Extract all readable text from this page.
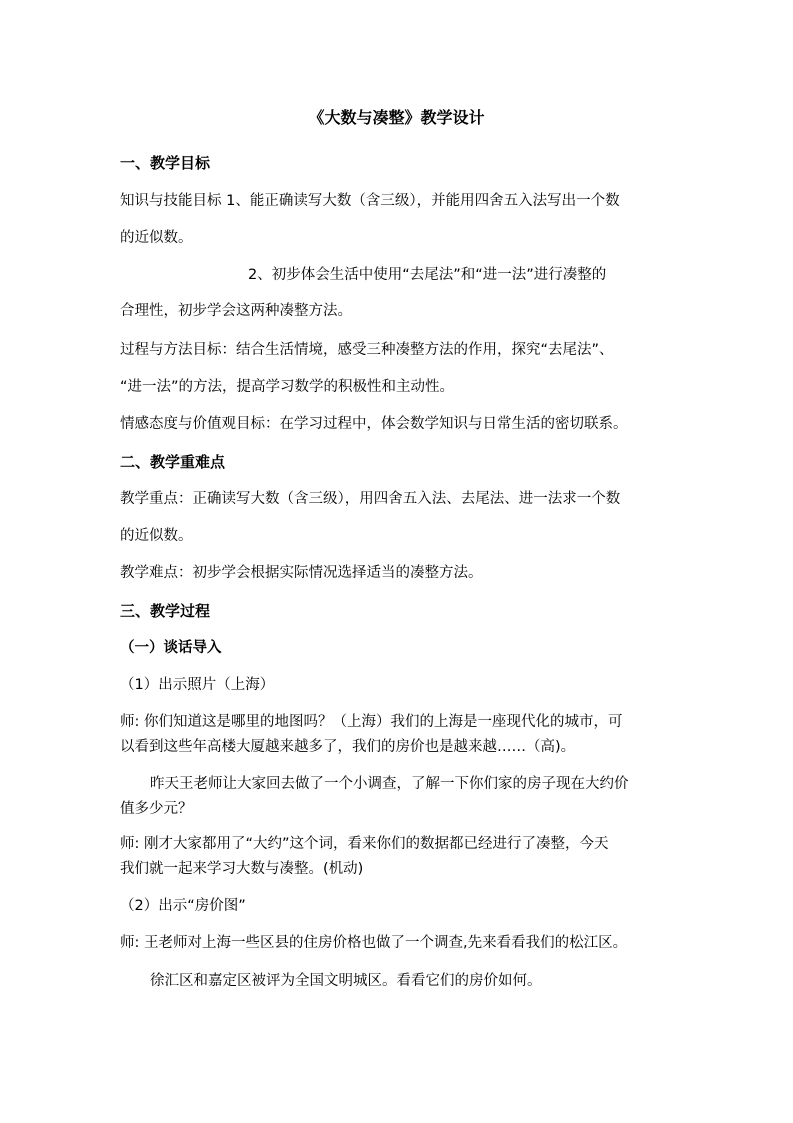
《大数与凑整》教学设计
一、教学目标
知识与技能目标 1、能正确读写大数（含三级），并能用四舍五入法写出一个数
的近似数。
2、初步体会生活中使用“去尾法”和“进一法”进行凑整的
合理性，初步学会这两种凑整方法。
过程与方法目标：结合生活情境，感受三种凑整方法的作用，探究“去尾法”、
“进一法”的方法，提高学习数学的积极性和主动性。
情感态度与价值观目标：在学习过程中，体会数学知识与日常生活的密切联系。
二、教学重难点
教学重点：正确读写大数（含三级），用四舍五入法、去尾法、进一法求一个数
的近似数。
教学难点：初步学会根据实际情况选择适当的凑整方法。
三、教学过程
（一）谈话导入
（1）出示照片（上海）
师: 你们知道这是哪里的地图吗？（上海）我们的上海是一座现代化的城市，可
以看到这些年高楼大厦越来越多了，我们的房价也是越来越……（高)。
昨天王老师让大家回去做了一个小调查，了解一下你们家的房子现在大约价
值多少元？
师: 刚才大家都用了“大约”这个词，看来你们的数据都已经进行了凑整，今天
我们就一起来学习大数与凑整。(机动)
（2）出示“房价图”
师: 王老师对上海一些区县的住房价格也做了一个调查,先来看看我们的松江区。
徐汇区和嘉定区被评为全国文明城区。看看它们的房价如何。
